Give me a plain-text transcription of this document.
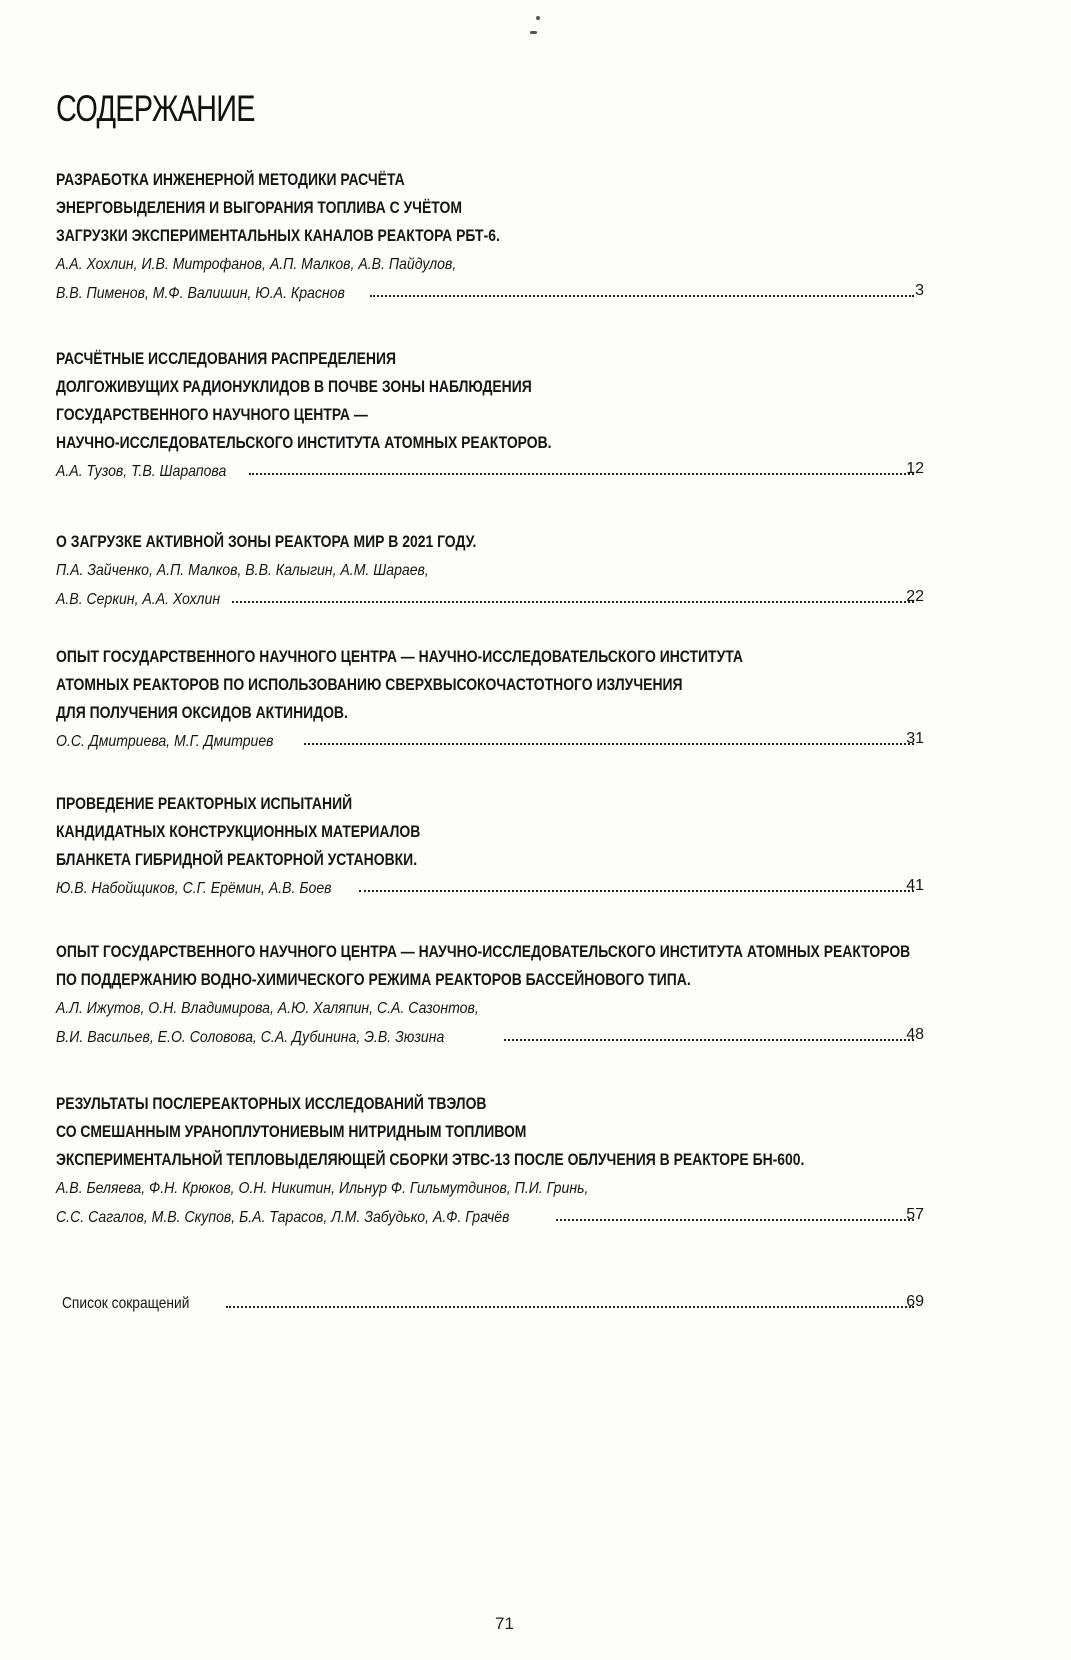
СОДЕРЖАНИЕ
РАЗРАБОТКА ИНЖЕНЕРНОЙ МЕТОДИКИ РАСЧЁТА
ЭНЕРГОВЫДЕЛЕНИЯ И ВЫГОРАНИЯ ТОПЛИВА С УЧЁТОМ
ЗАГРУЗКИ ЭКСПЕРИМЕНТАЛЬНЫХ КАНАЛОВ РЕАКТОРА РБТ-6.
А.А. Хохлин, И.В. Митрофанов, А.П. Малков, А.В. Пайдулов,
В.В. Пименов, М.Ф. Валишин, Ю.А. Краснов	3
РАСЧЁТНЫЕ ИССЛЕДОВАНИЯ РАСПРЕДЕЛЕНИЯ
ДОЛГОЖИВУЩИХ РАДИОНУКЛИДОВ В ПОЧВЕ ЗОНЫ НАБЛЮДЕНИЯ
ГОСУДАРСТВЕННОГО НАУЧНОГО ЦЕНТРА —
НАУЧНО-ИССЛЕДОВАТЕЛЬСКОГО ИНСТИТУТА АТОМНЫХ РЕАКТОРОВ.
А.А. Тузов, Т.В. Шарапова	12
О ЗАГРУЗКЕ АКТИВНОЙ ЗОНЫ РЕАКТОРА МИР В 2021 ГОДУ.
П.А. Зайченко, А.П. Малков, В.В. Калыгин, А.М. Шараев,
А.В. Серкин, А.А. Хохлин	22
ОПЫТ ГОСУДАРСТВЕННОГО НАУЧНОГО ЦЕНТРА — НАУЧНО-ИССЛЕДОВАТЕЛЬСКОГО ИНСТИТУТА
АТОМНЫХ РЕАКТОРОВ ПО ИСПОЛЬЗОВАНИЮ СВЕРХВЫСОКОЧАСТОТНОГО ИЗЛУЧЕНИЯ
ДЛЯ ПОЛУЧЕНИЯ ОКСИДОВ АКТИНИДОВ.
О.С. Дмитриева, М.Г. Дмитриев	31
ПРОВЕДЕНИЕ РЕАКТОРНЫХ ИСПЫТАНИЙ
КАНДИДАТНЫХ КОНСТРУКЦИОННЫХ МАТЕРИАЛОВ
БЛАНКЕТА ГИБРИДНОЙ РЕАКТОРНОЙ УСТАНОВКИ.
Ю.В. Набойщиков, С.Г. Ерёмин, А.В. Боев	41
ОПЫТ ГОСУДАРСТВЕННОГО НАУЧНОГО ЦЕНТРА — НАУЧНО-ИССЛЕДОВАТЕЛЬСКОГО ИНСТИТУТА АТОМНЫХ РЕАКТОРОВ
ПО ПОДДЕРЖАНИЮ ВОДНО-ХИМИЧЕСКОГО РЕЖИМА РЕАКТОРОВ БАССЕЙНОВОГО ТИПА.
А.Л. Ижутов, О.Н. Владимирова, А.Ю. Халяпин, С.А. Сазонтов,
В.И. Васильев, Е.О. Соловова, С.А. Дубинина, Э.В. Зюзина	48
РЕЗУЛЬТАТЫ ПОСЛЕРЕАКТОРНЫХ ИССЛЕДОВАНИЙ ТВЭЛОВ
СО СМЕШАННЫМ УРАНОПЛУТОНИЕВЫМ НИТРИДНЫМ ТОПЛИВОМ
ЭКСПЕРИМЕНТАЛЬНОЙ ТЕПЛОВЫДЕЛЯЮЩЕЙ СБОРКИ ЭТВС-13 ПОСЛЕ ОБЛУЧЕНИЯ В РЕАКТОРЕ БН-600.
А.В. Беляева, Ф.Н. Крюков, О.Н. Никитин, Ильнур Ф. Гильмутдинов, П.И. Гринь,
С.С. Сагалов, М.В. Скупов, Б.А. Тарасов, Л.М. Забудько, А.Ф. Грачёв	57
Список сокращений	69
71
